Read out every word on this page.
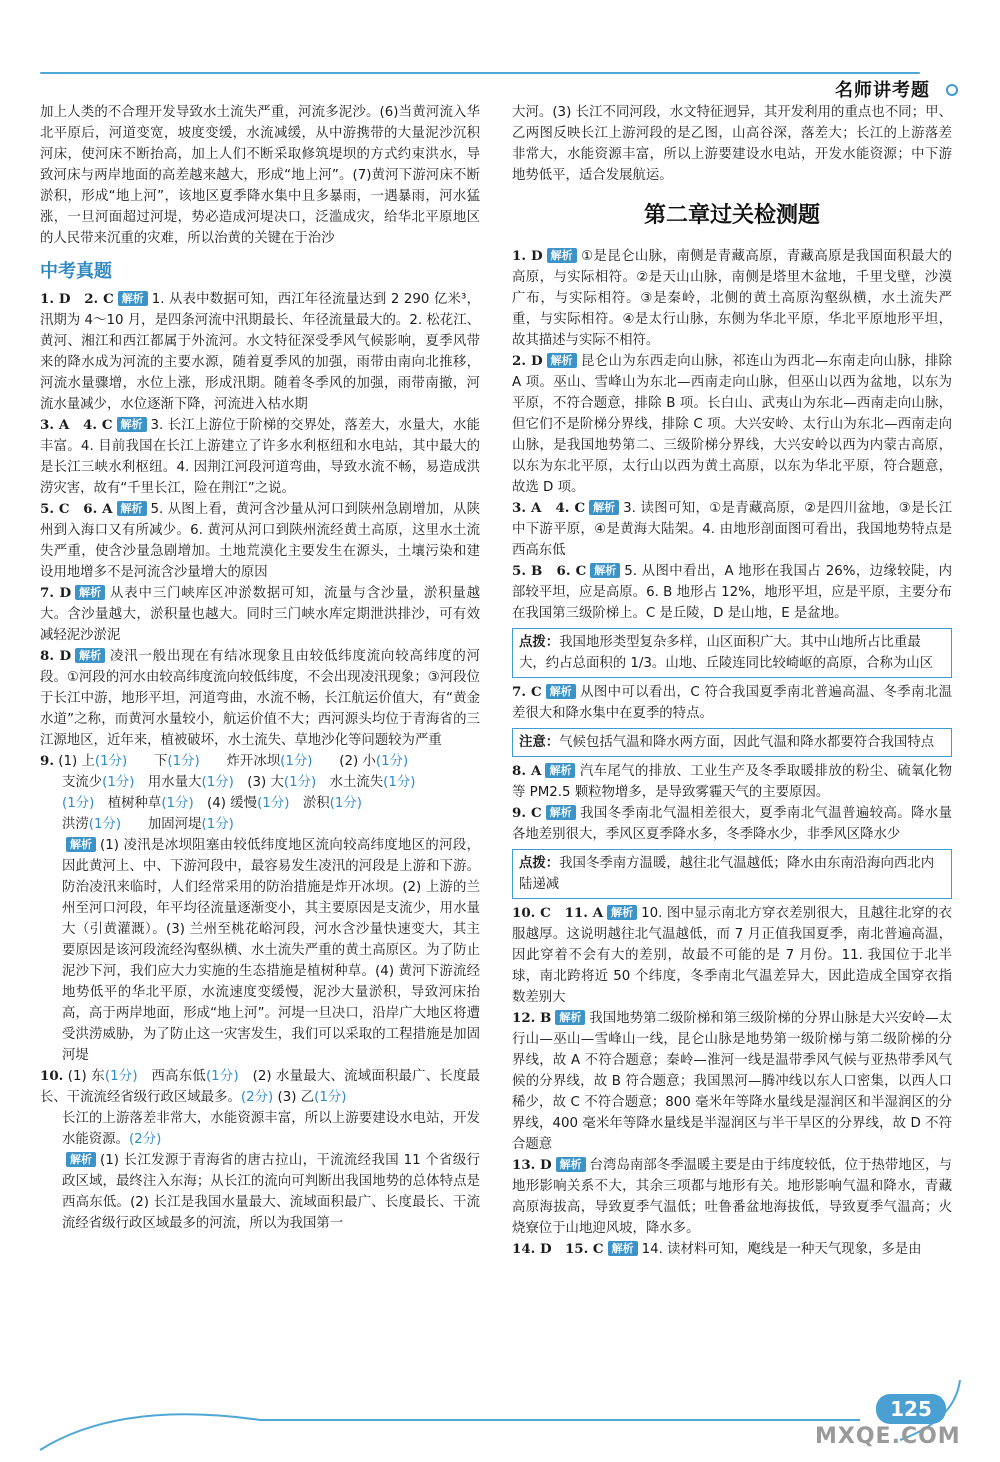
名师讲考题

加上人类的不合理开发导致水土流失严重，河流多泥沙。(6)当黄河流入华北平原后，河道变宽，坡度变缓，水流减缓，从中游携带的大量泥沙沉积河床，使河床不断抬高，加上人们不断采取修筑堤坝的方式约束洪水，导致河床与两岸地面的高差越来越大，形成“地上河”。(7)黄河下游河床不断淤积，形成“地上河”，该地区夏季降水集中且多暴雨，一遇暴雨，河水猛涨，一旦河面超过河堤，势必造成河堤决口，泛滥成灾，给华北平原地区的人民带来沉重的灾难，所以治黄的关键在于治沙

中考真题

1. D　2. C 解析 1. 从表中数据可知，西江年径流量达到 2 290 亿米³，汛期为 4～10 月，是四条河流中汛期最长、年径流量最大的。2. 松花江、黄河、湘江和西江都属于外流河。水文特征深受季风气候影响，夏季风带来的降水成为河流的主要水源，随着夏季风的加强，雨带由南向北推移，河流水量骤增，水位上涨，形成汛期。随着冬季风的加强，雨带南撤，河流水量减少，水位逐渐下降，河流进入枯水期

3. A　4. C 解析 3. 长江上游位于阶梯的交界处，落差大，水量大，水能丰富。4. 目前我国在长江上游建立了许多水利枢纽和水电站，其中最大的是长江三峡水利枢纽。4. 因荆江河段河道弯曲，导致水流不畅，易造成洪涝灾害，故有“千里长江，险在荆江”之说。

5. C　6. A 解析 5. 从图上看，黄河含沙量从河口到陕州急剧增加，从陕州到入海口又有所减少。6. 黄河从河口到陕州流经黄土高原，这里水土流失严重，使含沙量急剧增加。土地荒漠化主要发生在源头，土壤污染和建设用地增多不是河流含沙量增大的原因

7. D 解析 从表中三门峡库区冲淤数据可知，流量与含沙量，淤积量越大。含沙量越大，淤积量也越大。同时三门峡水库定期泄洪排沙，可有效减轻泥沙淤泥

8. D 解析 凌汛一般出现在有结冰现象且由较低纬度流向较高纬度的河段。①河段的河水由较高纬度流向较低纬度，不会出现凌汛现象；③河段位于长江中游，地形平坦，河道弯曲，水流不畅，长江航运价值大，有“黄金水道”之称，而黄河水量较小，航运价值不大；西河源头均位于青海省的三江源地区，近年来，植被破坏，水土流失、草地沙化等问题较为严重

9. (1) 上(1分)　　下(1分)　　炸开冰坝(1分)　　(2) 小(1分)

支流少(1分)　用水量大(1分)　(3) 大(1分)　水土流失(1分)

(1分)　 植树种草(1分)　(4) 缓慢(1分)　淤积(1分)

洪涝(1分)　　加固河堤(1分)

解析 (1) 凌汛是冰坝阻塞由较低纬度地区流向较高纬度地区的河段，因此黄河上、中、下游河段中，最容易发生凌汛的河段是上游和下游。防治凌汛来临时，人们经常采用的防治措施是炸开冰坝。(2) 上游的兰州至河口河段，年平均径流量逐渐变小，其主要原因是支流少，用水量大（引黄灌溉）。(3) 兰州至桃花峪河段，河水含沙量快速变大，其主要原因是该河段流经沟壑纵横、水土流失严重的黄土高原区。为了防止泥沙下河，我们应大力实施的生态措施是植树种草。(4) 黄河下游流经地势低平的华北平原，水流速度变缓慢，泥沙大量淤积，导致河床抬高，高于两岸地面，形成“地上河”。河堤一旦决口，沿岸广大地区将遭受洪涝威胁，为了防止这一灾害发生，我们可以采取的工程措施是加固河堤

10. (1) 东(1分)　西高东低(1分)　(2) 水量最大、流域面积最广、长度最长、干流流经省级行政区域最多。(2分) (3) 乙(1分)

长江的上游落差非常大，水能资源丰富，所以上游要建设水电站，开发水能资源。(2分)

解析 (1) 长江发源于青海省的唐古拉山，干流流经我国 11 个省级行政区域，最终注入东海；从长江的流向可判断出我国地势的总体特点是西高东低。(2) 长江是我国水量最大、流域面积最广、长度最长、干流流经省级行政区域最多的河流，所以为我国第一

大河。(3) 长江不同河段，水文特征迥异，其开发利用的重点也不同；甲、乙两图反映长江上游河段的是乙图，山高谷深，落差大；长江的上游落差非常大，水能资源丰富，所以上游要建设水电站，开发水能资源；中下游地势低平，适合发展航运。

第二章过关检测题

1. D 解析 ①是昆仑山脉，南侧是青藏高原，青藏高原是我国面积最大的高原，与实际相符。②是天山山脉，南侧是塔里木盆地，千里戈壁，沙漠广布，与实际相符。③是秦岭，北侧的黄土高原沟壑纵横，水土流失严重，与实际相符。④是太行山脉，东侧为华北平原，华北平原地形平坦，故其描述与实际不相符。

2. D 解析 昆仑山为东西走向山脉，祁连山为西北—东南走向山脉，排除 A 项。巫山、雪峰山为东北—西南走向山脉，但巫山以西为盆地，以东为平原，不符合题意，排除 B 项。长白山、武夷山为东北—西南走向山脉，但它们不是阶梯分界线，排除 C 项。大兴安岭、太行山为东北—西南走向山脉，是我国地势第二、三级阶梯分界线，大兴安岭以西为内蒙古高原，以东为东北平原，太行山以西为黄土高原，以东为华北平原，符合题意，故选 D 项。

3. A　4. C 解析 3. 读图可知，①是青藏高原，②是四川盆地，③是长江中下游平原，④是黄海大陆架。4. 由地形剖面图可看出，我国地势特点是西高东低

5. B　6. C 解析 5. 从图中看出，A 地形在我国占 26%，边缘较陡，内部较平坦，应是高原。6. B 地形占 12%，地形平坦，应是平原，主要分布在我国第三级阶梯上。C 是丘陵，D 是山地，E 是盆地。

点拨：我国地形类型复杂多样，山区面积广大。其中山地所占比重最大，约占总面积的 1/3。山地、丘陵连同比较崎岖的高原，合称为山区

7. C 解析 从图中可以看出，C 符合我国夏季南北普遍高温、冬季南北温差很大和降水集中在夏季的特点。

注意：气候包括气温和降水两方面，因此气温和降水都要符合我国特点

8. A 解析 汽车尾气的排放、工业生产及冬季取暖排放的粉尘、硫氧化物等 PM2.5 颗粒物增多，是导致雾霾天气的主要原因。

9. C 解析 我国冬季南北气温相差很大，夏季南北气温普遍较高。降水量各地差别很大，季风区夏季降水多，冬季降水少，非季风区降水少

点拨：我国冬季南方温暖，越往北气温越低；降水由东南沿海向西北内陆递减

10. C　11. A 解析 10. 图中显示南北方穿衣差别很大，且越往北穿的衣服越厚。这说明越往北气温越低，而 7 月正值我国夏季，南北普遍高温，因此穿着不会有大的差别，故最不可能的是 7 月份。11. 我国位于北半球，南北跨将近 50 个纬度，冬季南北气温差异大，因此造成全国穿衣指数差别大

12. B 解析 我国地势第二级阶梯和第三级阶梯的分界山脉是大兴安岭—太行山—巫山—雪峰山一线，昆仑山脉是地势第一级阶梯与第二级阶梯的分界线，故 A 不符合题意；秦岭—淮河一线是温带季风气候与亚热带季风气候的分界线，故 B 符合题意；我国黑河—腾冲线以东人口密集，以西人口稀少，故 C 不符合题意；800 毫米年等降水量线是湿润区和半湿润区的分界线，400 毫米年等降水量线是半湿润区与半干旱区的分界线，故 D 不符合题意

13. D 解析 台湾岛南部冬季温暖主要是由于纬度较低，位于热带地区，与地形影响关系不大，其余三项都与地形有关。地形影响气温和降水，青藏高原海拔高，导致夏季气温低；吐鲁番盆地海拔低，导致夏季气温高；火烧寮位于山地迎风坡，降水多。

14. D　15. C 解析 14. 读材料可知，飑线是一种天气现象，多是由

125
MXQE.COM
